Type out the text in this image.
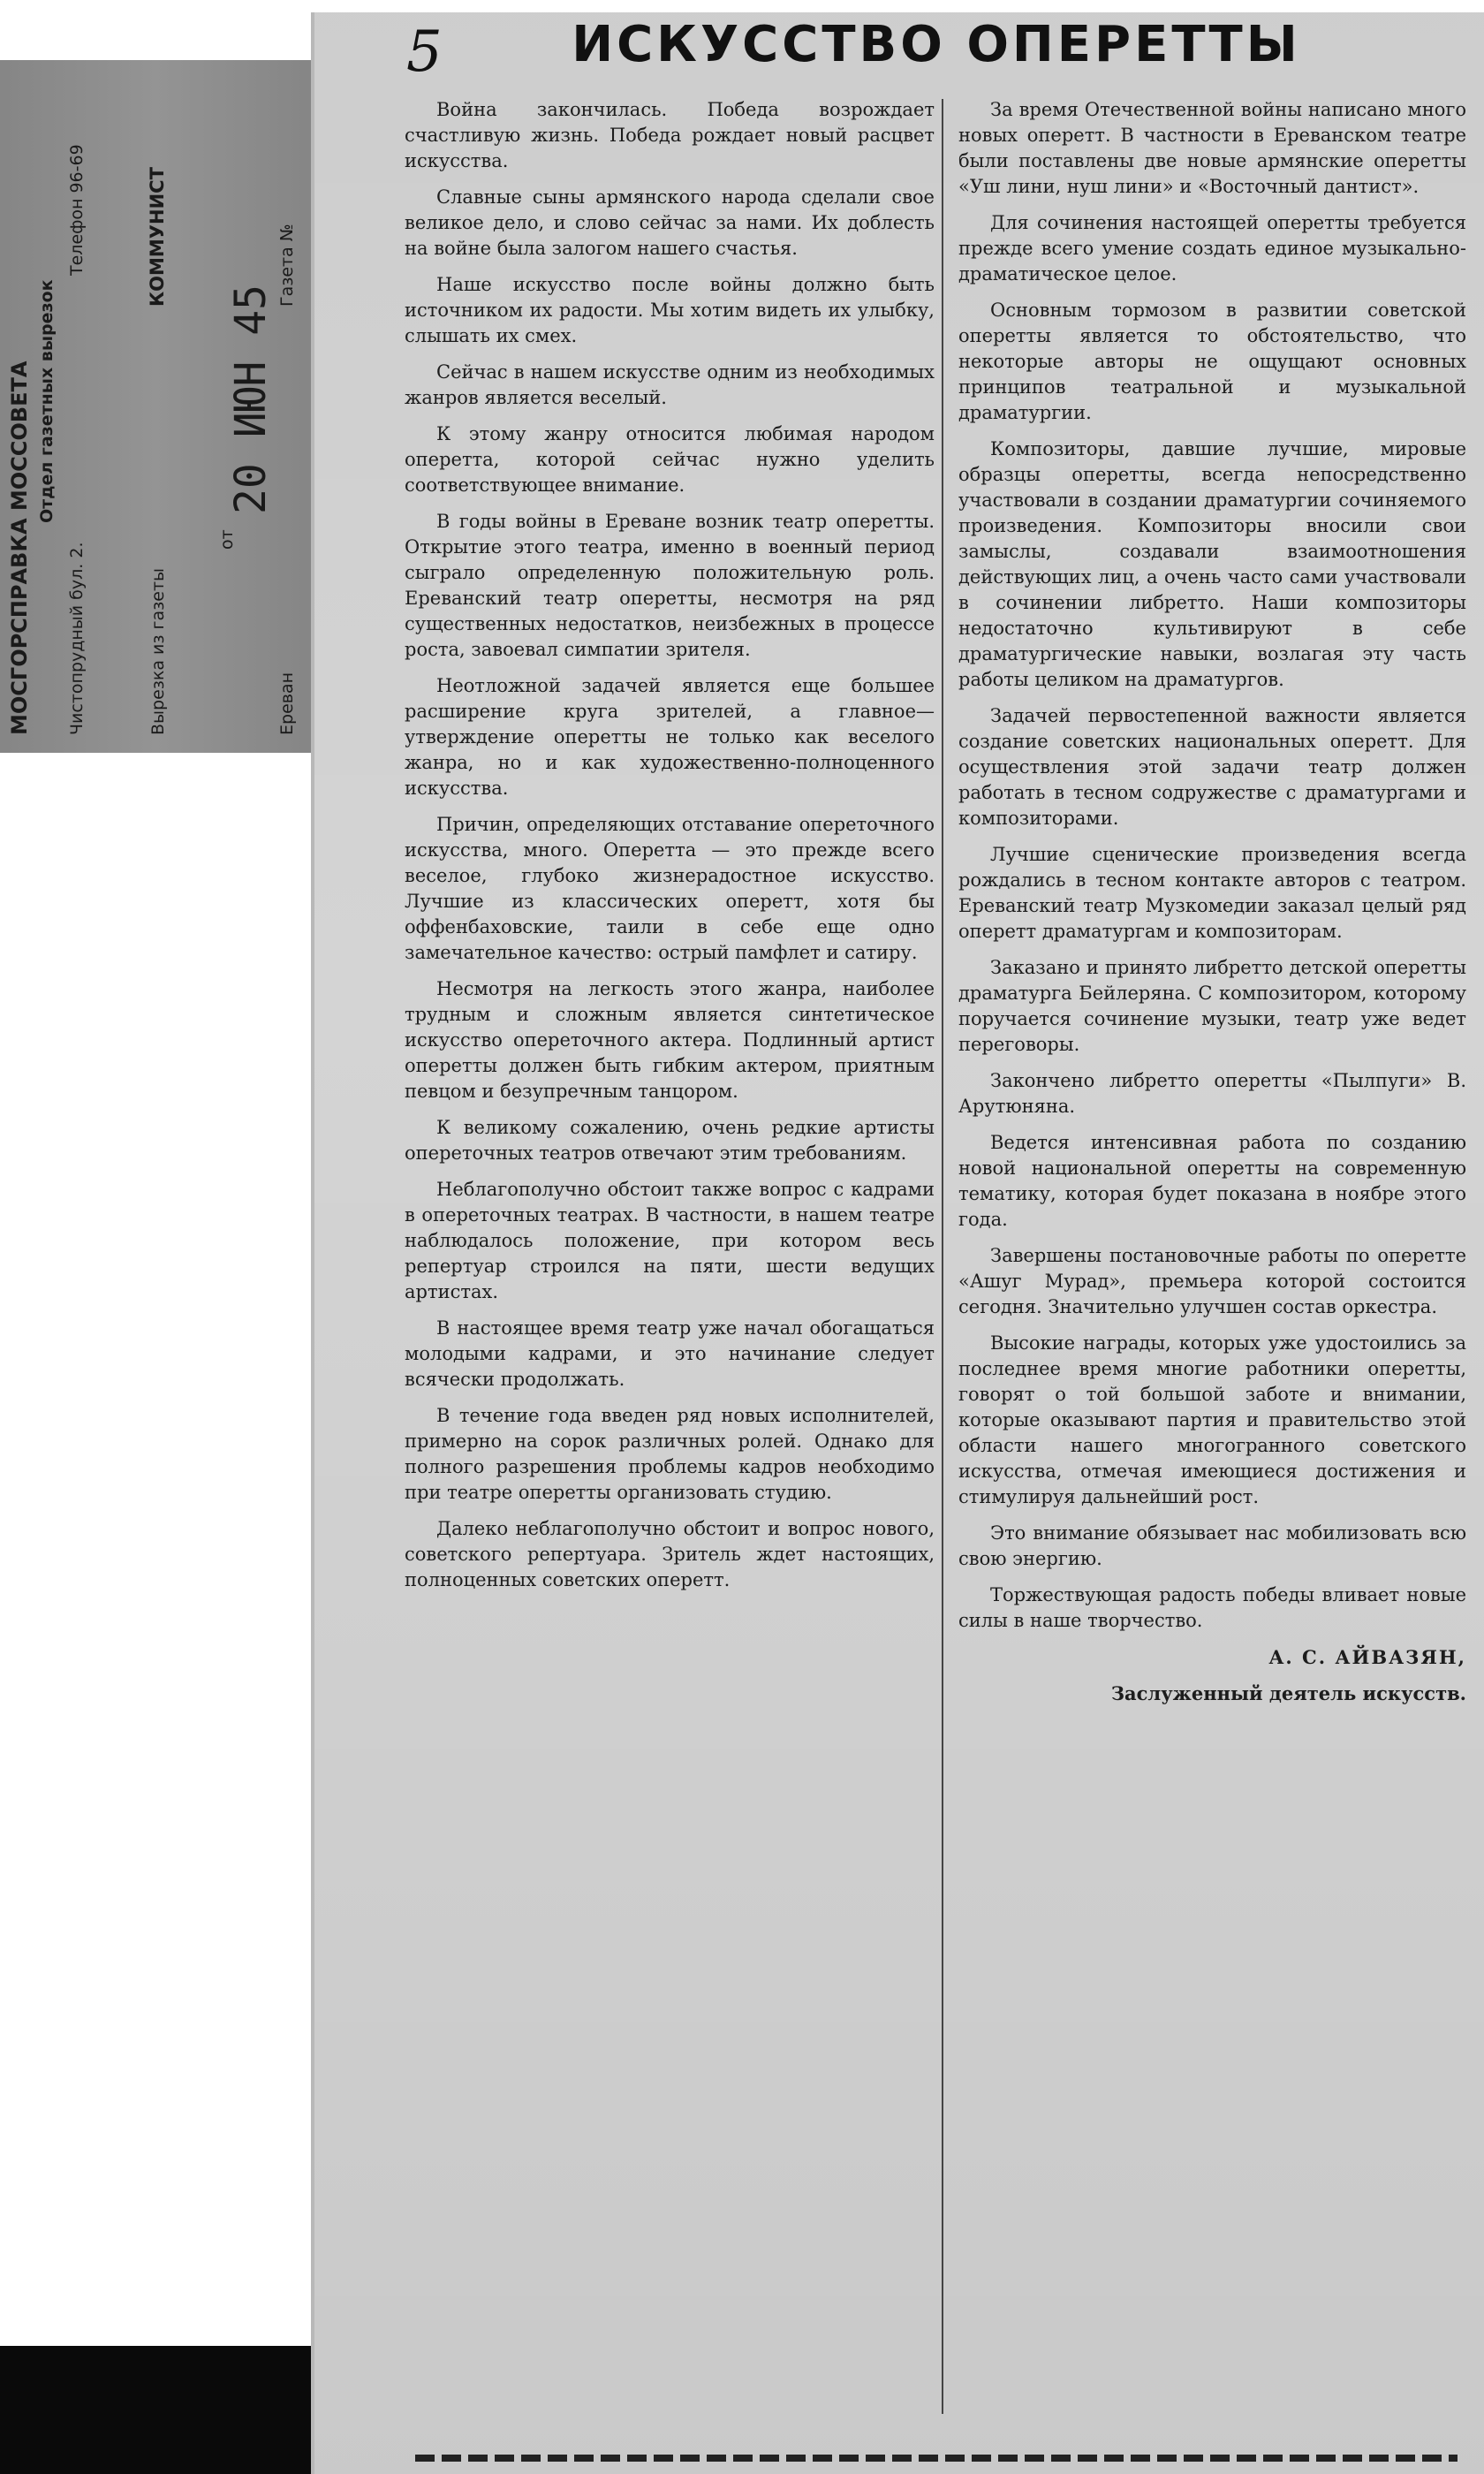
МОСГОРСПРАВКА МОССОВЕТА Отдел газетных вырезок
Чистопрудный бул. 2.
Телефон 96-69
Вырезка из газеты
КОММУНИСТ
от
20 ИЮН 45
Газета №
Ереван
5	ИСКУССТВО ОПЕРЕТТЫ

Война закончилась. Победа возрождает счастливую жизнь. Победа рождает новый расцвет искусства.

Славные сыны армянского народа сделали свое великое дело, и слово сейчас за нами. Их доблесть на войне была залогом нашего счастья.

Наше искусство после войны должно быть источником их радости. Мы хотим видеть их улыбку, слышать их смех.

Сейчас в нашем искусстве одним из необходимых жанров является веселый.

К этому жанру относится любимая народом оперетта, которой сейчас нужно уделить соответствующее внимание.

В годы войны в Ереване возник театр оперетты. Открытие этого театра, именно в военный период сыграло определенную положительную роль. Ереванский театр оперетты, несмотря на ряд существенных недостатков, неизбежных в процессе роста, завоевал симпатии зрителя.

Неотложной задачей является еще большее расширение круга зрителей, а главное—утверждение оперетты не только как веселого жанра, но и как художественно-полноценного искусства.

Причин, определяющих отставание опереточного искусства, много. Оперетта — это прежде всего веселое, глубоко жизнерадостное искусство. Лучшие из классических оперетт, хотя бы оффенбаховские, таили в себе еще одно замечательное качество: острый памфлет и сатиру.

Несмотря на легкость этого жанра, наиболее трудным и сложным является синтетическое искусство опереточного актера. Подлинный артист оперетты должен быть гибким актером, приятным певцом и безупречным танцором.

К великому сожалению, очень редкие артисты опереточных театров отвечают этим требованиям.

Неблагополучно обстоит также вопрос с кадрами в опереточных театрах. В частности, в нашем театре наблюдалось положение, при котором весь репертуар строился на пяти, шести ведущих артистах.

В настоящее время театр уже начал обогащаться молодыми кадрами, и это начинание следует всячески продолжать.

В течение года введен ряд новых исполнителей, примерно на сорок различных ролей. Однако для полного разрешения проблемы кадров необходимо при театре оперетты организовать студию.

Далеко неблагополучно обстоит и вопрос нового, советского репертуара. Зритель ждет настоящих, полноценных советских оперетт.

За время Отечественной войны написано много новых оперетт. В частности в Ереванском театре были поставлены две новые армянские оперетты «Уш лини, нуш лини» и «Восточный дантист».

Для сочинения настоящей оперетты требуется прежде всего умение создать единое музыкально-драматическое целое.

Основным тормозом в развитии советской оперетты является то обстоятельство, что некоторые авторы не ощущают основных принципов театральной и музыкальной драматургии.

Композиторы, давшие лучшие, мировые образцы оперетты, всегда непосредственно участвовали в создании драматургии сочиняемого произведения. Композиторы вносили свои замыслы, создавали взаимоотношения действующих лиц, а очень часто сами участвовали в сочинении либретто. Наши композиторы недостаточно культивируют в себе драматургические навыки, возлагая эту часть работы целиком на драматургов.

Задачей первостепенной важности является создание советских национальных оперетт. Для осуществления этой задачи театр должен работать в тесном содружестве с драматургами и композиторами.

Лучшие сценические произведения всегда рождались в тесном контакте авторов с театром. Ереванский театр Музкомедии заказал целый ряд оперетт драматургам и композиторам.

Заказано и принято либретто детской оперетты драматурга Бейлеряна. С композитором, которому поручается сочинение музыки, театр уже ведет переговоры.

Закончено либретто оперетты «Пылпуги» В. Арутюняна.

Ведется интенсивная работа по созданию новой национальной оперетты на современную тематику, которая будет показана в ноябре этого года.

Завершены постановочные работы по оперетте «Ашуг Мурад», премьера которой состоится сегодня. Значительно улучшен состав оркестра.

Высокие награды, которых уже удостоились за последнее время многие работники оперетты, говорят о той большой заботе и внимании, которые оказывают партия и правительство этой области нашего многогранного советского искусства, отмечая имеющиеся достижения и стимулируя дальнейший рост.

Это внимание обязывает нас мобилизовать всю свою энергию.

Торжествующая радость победы вливает новые силы в наше творчество.

А. С. АЙВАЗЯН,

Заслуженный деятель искусств.
